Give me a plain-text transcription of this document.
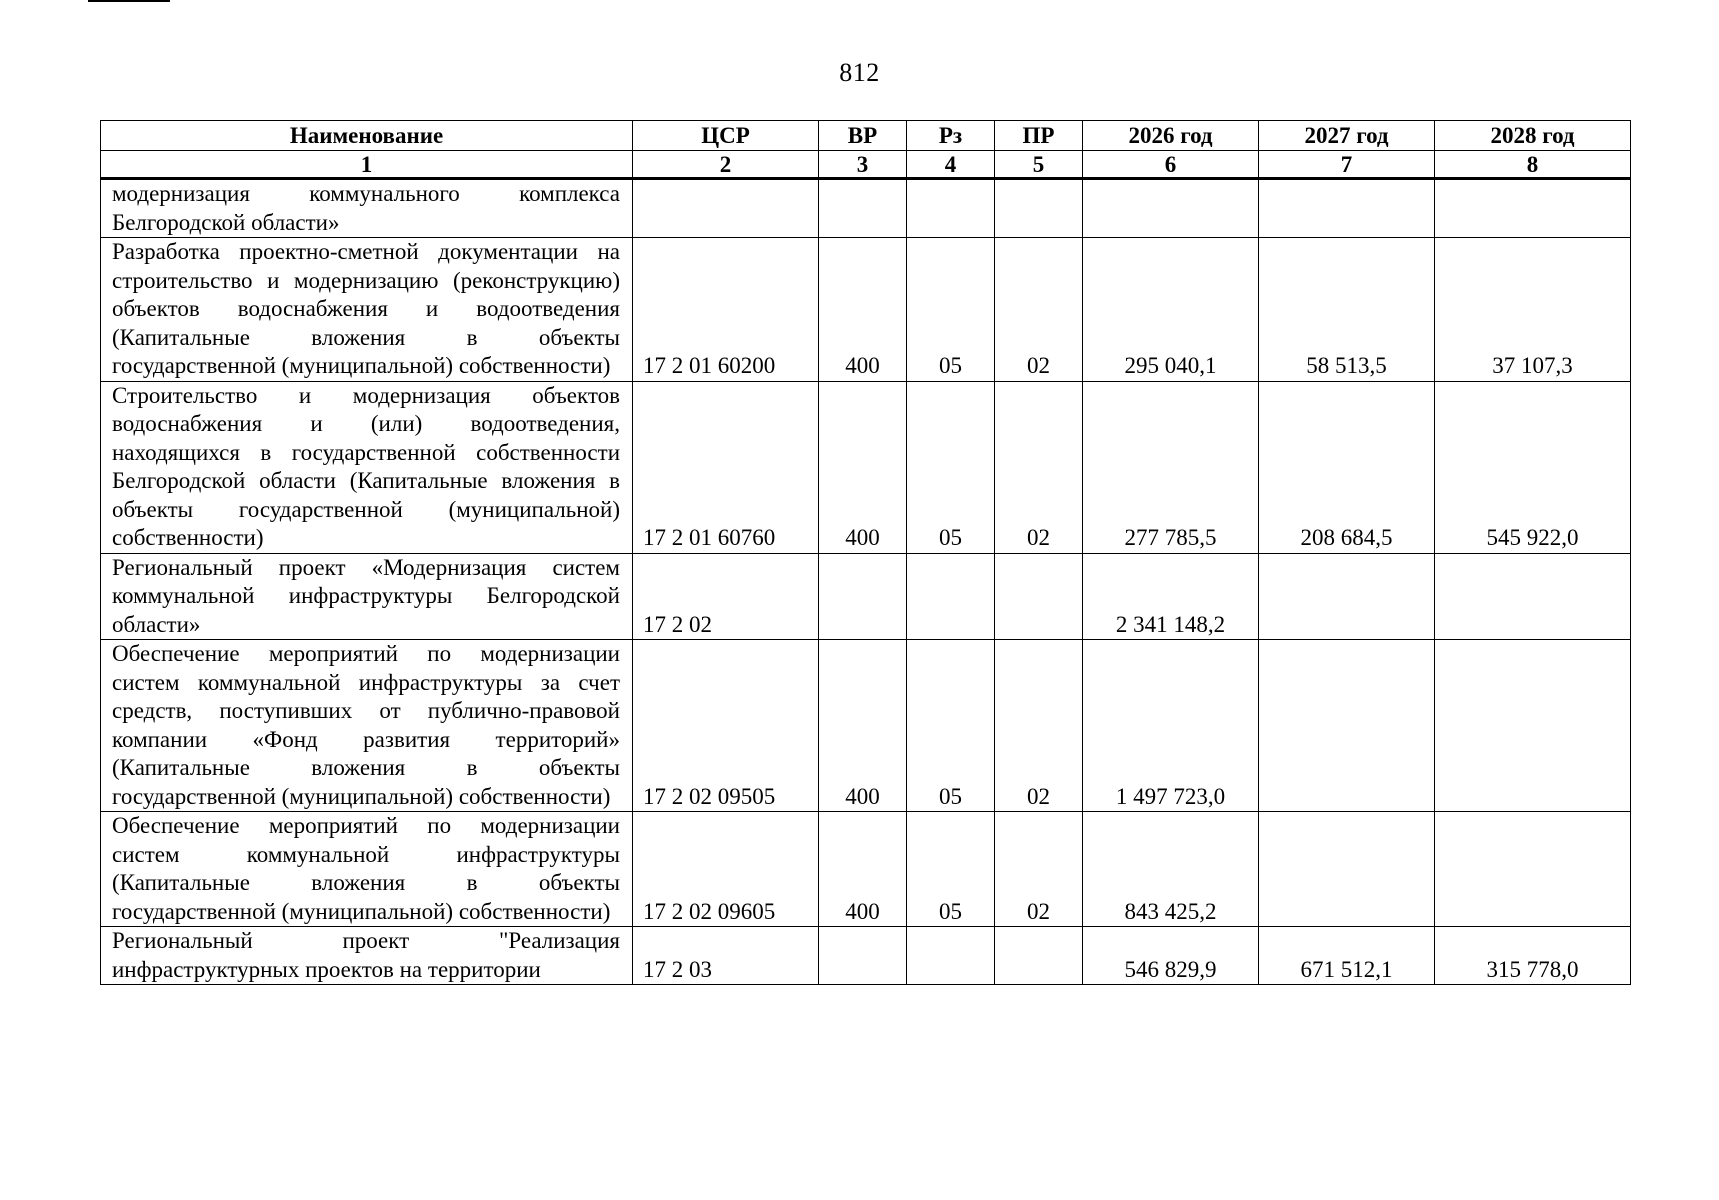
812
Наименование	ЦСР	ВР	Рз	ПР	2026 год	2027 год	2028 год
1	2	3	4	5	6	7	8
модернизация коммунального комплекса Белгородской области»							
Разработка проектно-сметной документации на строительство и модернизацию (реконструкцию) объектов водоснабжения и водоотведения (Капитальные вложения в объекты государственной (муниципальной) собственности)	17 2 01 60200	400	05	02	295 040,1	58 513,5	37 107,3
Строительство и модернизация объектов водоснабжения и (или) водоотведения, находящихся в государственной собственности Белгородской области (Капитальные вложения в объекты государственной (муниципальной) собственности)	17 2 01 60760	400	05	02	277 785,5	208 684,5	545 922,0
Региональный проект «Модернизация систем коммунальной инфраструктуры Белгородской области»	17 2 02				2 341 148,2		
Обеспечение мероприятий по модернизации систем коммунальной инфраструктуры за счет средств, поступивших от публично-правовой компании «Фонд развития территорий» (Капитальные вложения в объекты государственной (муниципальной) собственности)	17 2 02 09505	400	05	02	1 497 723,0		
Обеспечение мероприятий по модернизации систем коммунальной инфраструктуры (Капитальные вложения в объекты государственной (муниципальной) собственности)	17 2 02 09605	400	05	02	843 425,2		
Региональный проект "Реализация инфраструктурных проектов на территории	17 2 03				546 829,9	671 512,1	315 778,0
